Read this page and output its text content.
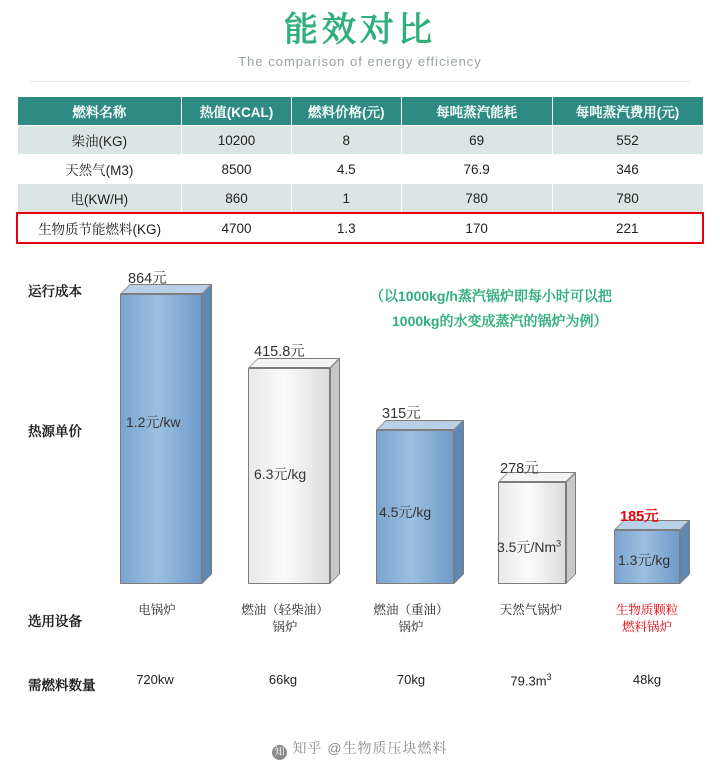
能效对比
The comparison of energy efficiency
燃料名称	热值(KCAL)	燃料价格(元)	每吨蒸汽能耗	每吨蒸汽费用(元)
柴油(KG)	10200	8	69	552
天然气(M3)	8500	4.5	76.9	346
电(KW/H)	860	1	780	780
生物质节能燃料(KG)	4700	1.3	170	221
运行成本
热源单价
选用设备
需燃料数量
（以1000kg/h蒸汽锅炉即每小时可以把
1000kg的水变成蒸汽的锅炉为例）
864元
1.2元/kw
415.8元
6.3元/kg
315元
4.5元/kg
278元
3.5元/Nm$^3$
185元
1.3元/kg
电锅炉	燃油（轻柴油）
锅炉
燃油（重油）
锅炉
天然气锅炉	生物质颗粒
燃料锅炉
720kw	66kg	70kg	$79.3m^3$	48kg
知 知乎 @生物质压块燃料
